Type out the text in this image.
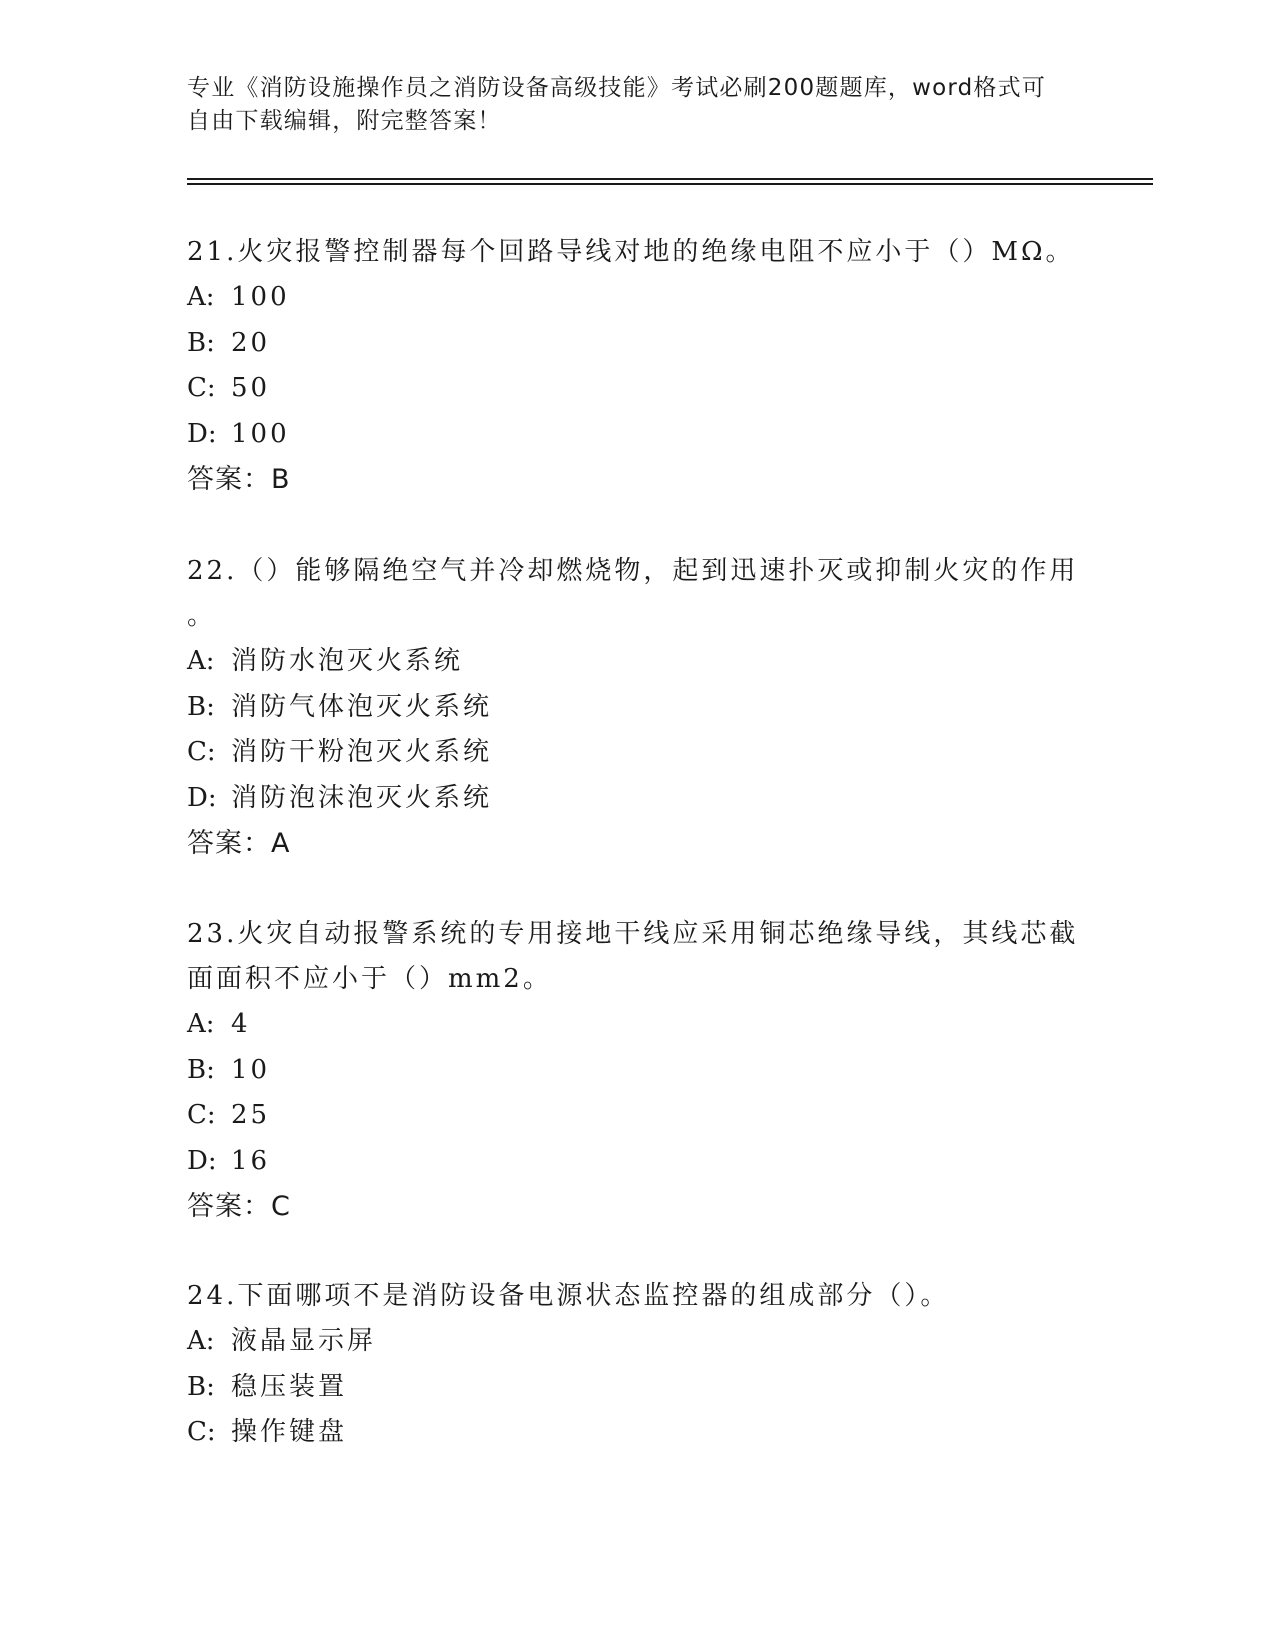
专业《消防设施操作员之消防设备高级技能》考试必刷200题题库，word格式可
自由下载编辑，附完整答案！

21.火灾报警控制器每个回路导线对地的绝缘电阻不应小于（）MΩ。

A: 100

B: 20

C: 50

D: 100

答案：B

22.（）能够隔绝空气并冷却燃烧物，起到迅速扑灭或抑制火灾的作用

。

A: 消防水泡灭火系统

B: 消防气体泡灭火系统

C: 消防干粉泡灭火系统

D: 消防泡沫泡灭火系统

答案：A

23.火灾自动报警系统的专用接地干线应采用铜芯绝缘导线，其线芯截

面面积不应小于（）mm2。

A: 4

B: 10

C: 25

D: 16

答案：C

24.下面哪项不是消防设备电源状态监控器的组成部分（）。

A: 液晶显示屏

B: 稳压装置

C: 操作键盘
